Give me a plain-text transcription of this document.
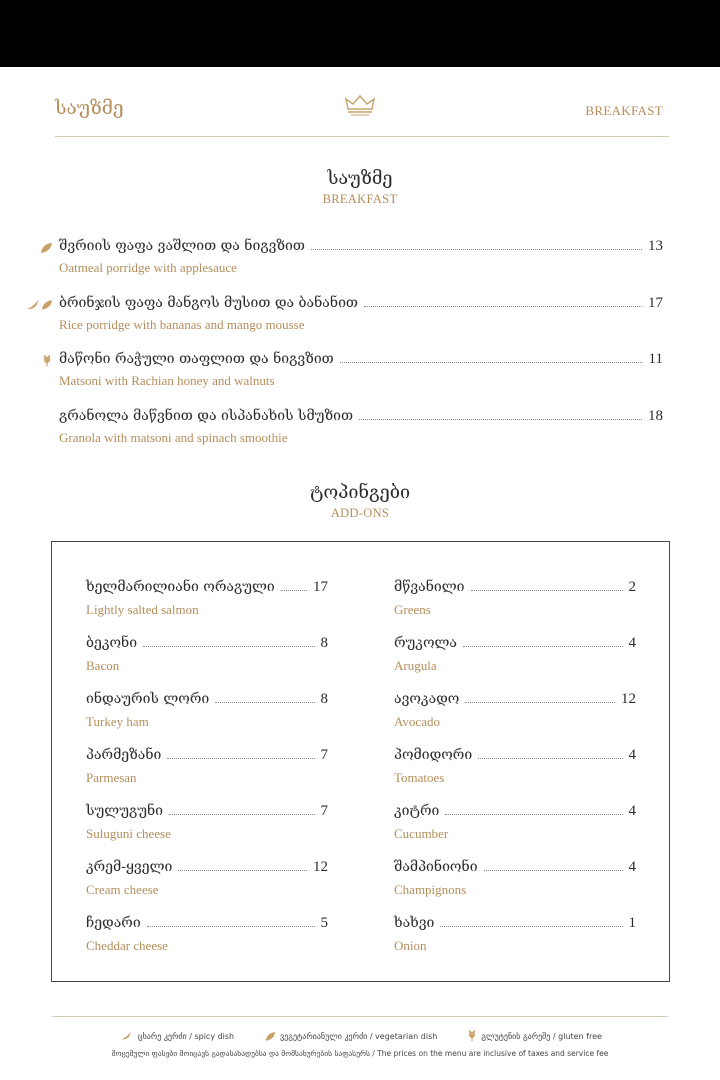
საუზმე	BREAKFAST
საუზმე
BREAKFAST
შვრიის ფაფა ვაშლით და ნიგვზით	13
Oatmeal porridge with applesauce
ბრინჯის ფაფა მანგოს მუსით და ბანანით	17
Rice porridge with bananas and mango mousse
მაწონი რაჭული თაფლით და ნიგვზით	11
Matsoni with Rachian honey and walnuts
გრანოლა მაწვნით და ისპანახის სმუზით	18
Granola with matsoni and spinach smoothie
ტოპინგები
ADD-ONS
ხელმარილიანი ორაგული	17
Lightly salted salmon
ბეკონი	8
Bacon
ინდაურის ლორი	8
Turkey ham
პარმეზანი	7
Parmesan
სულუგუნი	7
Suluguni cheese
კრემ-ყველი	12
Cream cheese
ჩედარი	5
Cheddar cheese
მწვანილი	2
Greens
რუკოლა	4
Arugula
ავოკადო	12
Avocado
პომიდორი	4
Tomatoes
კიტრი	4
Cucumber
შამპინიონი	4
Champignons
ხახვი	1
Onion
ცხარე კერძი / spicy dish	ვეგეტარიანული კერძი / vegetarian dish	გლუტენის გარეშე / gluten free
მოცემული ფასები მოიცავს გადასახადებსა და მომსახურების საფასურს / The prices on the menu are inclusive of taxes and service fee
